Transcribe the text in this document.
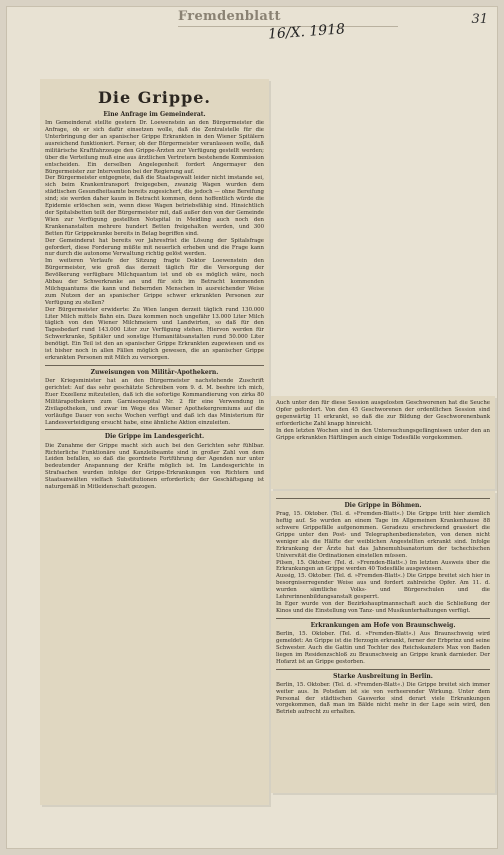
Fremdenblatt
16/X. 1918
31
Die Grippe.
Eine Anfrage im Gemeinderat.
Im Gemeinderat stellte gestern Dr. Loewenstein an den Bürgermeister die Anfrage, ob er sich dafür einsetzen wolle, daß die Zentralstelle für die Unterbringung der an spanischer Grippe Erkrankten in den Wiener Spitälern ausreichend funktioniert. Ferner, ob der Bürgermeister veranlassen wolle, daß militärische Kraftfahrzeuge den Grippe-Ärzten zur Verfügung gestellt werden; über die Verteilung muß eine aus ärztlichen Vertretern bestehende Kommission entscheiden. Ein derselben Angelegenheit fordert Angermayer den Bürgermeister zur Intervention bei der Regierung auf.
Der Bürgermeister entgegnete, daß die Staatsgewalt leider nicht imstande sei, sich beim Krankentransport freigegeben, zwanzig Wagen wurden dem städtischen Gesundheitsamte bereits zugesichert, die jedoch — ohne Bereifung sind; sie werden daher kaum in Betracht kommen, denn hoffentlich würde die Epidemie erlöschen sein, wenn diese Wagen betriebsfähig sind. Hinsichtlich der Spitalsbetten teilt der Bürgermeister mit, daß außer den von der Gemeinde Wien zur Verfügung gestellten Notspital in Meidling auch noch den Krankenanstalten mehrere hundert Betten freigehalten werden, und 300 Betten für Grippekranke bereits in Belag begriffen sind.
Der Gemeinderat hat bereits vor Jahresfrist die Lösung der Spitalsfrage gefordert, diese Forderung müßte mit neuerlich erheben und die Frage kann nur durch die autonome Verwaltung richtig gelöst werden.
Im weiteren Verlaufe der Sitzung fragte Doktor Loewenstein den Bürgermeister, wie groß das derzeit täglich für die Versorgung der Bevölkerung verfügbare Milchquantum ist und ob es möglich wäre, noch Abbau der Schwerkranke an und für sich im Betracht kommenden Milchquantums die kann und fiebernden Menschen in ausreichender Weise zum Nutzen der an spanischer Grippe schwer erkrankten Personen zur Verfügung zu stellen?
Der Bürgermeister erwiderte: Zu Wien langen derzeit täglich rund 130.000 Liter Milch mittels Bahn ein. Dazu kommen noch ungefähr 13.000 Liter Milch täglich von den Wiener Milchmeiern und Landwirten, so daß für den Tagesbedarf rund 143.000 Liter zur Verfügung stehen. Hiervon werden für Schwerkranke, Spitäler und sonstige Humanitätsanstalten rund 50.000 Liter benötigt. Ein Teil ist den an spanischer Grippe Erkrankten zugewiesen und es ist bisher noch in allen Fällen möglich gewesen, die an spanischer Grippe erkrankten Personen mit Milch zu versorgen.
Zuweisungen von Militär-Apothekern.
Der Kriegsminister hat an den Bürgermeister nachstehende Zuschrift gerichtet: Auf das sehr geschätzte Schreiben vom 9. d. M. beehre ich mich, Euer Exzellenz mitzuteilen, daß ich die sofortige Kommandierung von zirka 80 Militärapothekern zum Garnisonsspital Nr. 2 für eine Verwendung in Zivilapotheken, und zwar im Wege des Wiener Apothekergremiums auf die vorläufige Dauer von sechs Wochen verfügt und daß ich das Ministerium für Landesverteidigung ersucht habe, eine ähnliche Aktion einzuleiten.
Die Grippe im Landesgericht.
Die Zunahme der Grippe macht sich auch bei den Gerichten sehr fühlbar. Richterliche Funktionäre und Kanzleibeamte sind in großer Zahl von dem Leiden befallen, so daß die geordnete Fortführung der Agenden nur unter bedeutender Anspannung der Kräfte möglich ist. Im Landesgerichte in Strafsachen wurden infolge der Grippe-Erkrankungen von Richtern und Staatsanwälten vielfach Substitutionen erforderlich; der Geschäftsgang ist naturgemäß in Mitleidenschaft gezogen.
Auch unter den für diese Session ausgelosten Geschworenen hat die Seuche Opfer gefordert. Von den 45 Geschworenen der ordentlichen Session sind gegenwärtig 11 erkrankt, so daß die zur Bildung der Geschworenenbank erforderliche Zahl knapp hinreicht.
In den letzten Wochen sind in den Untersuchungsgefängnissen unter den an Grippe erkrankten Häftlingen auch einige Todesfälle vorgekommen.
Die Grippe in Böhmen.
Prag, 15. Oktober. (Tel. d. »Fremden-Blatt«.) Die Grippe tritt hier ziemlich heftig auf. So wurden an einem Tage im Allgemeinen Krankenhause 88 schwere Grippefälle aufgenommen. Geradezu erschreckend grassiert die Grippe unter den Post- und Telegraphenbediensteten, von denen nicht weniger als die Hälfte der weiblichen Angestellten erkrankt sind. Infolge Erkrankung der Ärzte hat das Jahnemuhlsanatorium der tschechischen Universität die Ordinationen einstellen müssen.
Pilsen, 15. Oktober. (Tel. d. »Fremden-Blatt«.) Im letzten Ausweis über die Erkrankungen an Grippe werden 40 Todesfälle ausgewiesen.
Aussig, 15. Oktober. (Tel. d. »Fremden-Blatt«.) Die Grippe breitet sich hier in besorgniserregender Weise aus und fordert zahlreiche Opfer. Am 11. d. wurden sämtliche Volks- und Bürgerschulen und die Lehrerinnenbildungsanstalt gesperrt.
In Eger wurde von der Bezirkshauptmannschaft auch die Schließung der Kinos und die Einstellung von Tanz- und Musikunterhaltungen verfügt.
Erkrankungen am Hofe von Braunschweig.
Berlin, 15. Oktober. (Tel. d. »Fremden-Blatt«.) Aus Braunschweig wird gemeldet: An Grippe ist die Herzogin erkrankt, ferner der Erbprinz und seine Schwester. Auch die Gattin und Tochter des Reichskanzlers Max von Baden liegen im Residenzschloß zu Braunschweig an Grippe krank darnieder. Der Hofarzt ist an Grippe gestorben.
Starke Ausbreitung in Berlin.
Berlin, 15. Oktober. (Tel. d. »Fremden-Blatt«.) Die Grippe breitet sich immer weiter aus. In Potsdam ist sie von verheerender Wirkung. Unter dem Personal der städtischen Gaswerke sind derart viele Erkrankungen vorgekommen, daß man im Bälde nicht mehr in der Lage sein wird, den Betrieb aufrecht zu erhalten.
